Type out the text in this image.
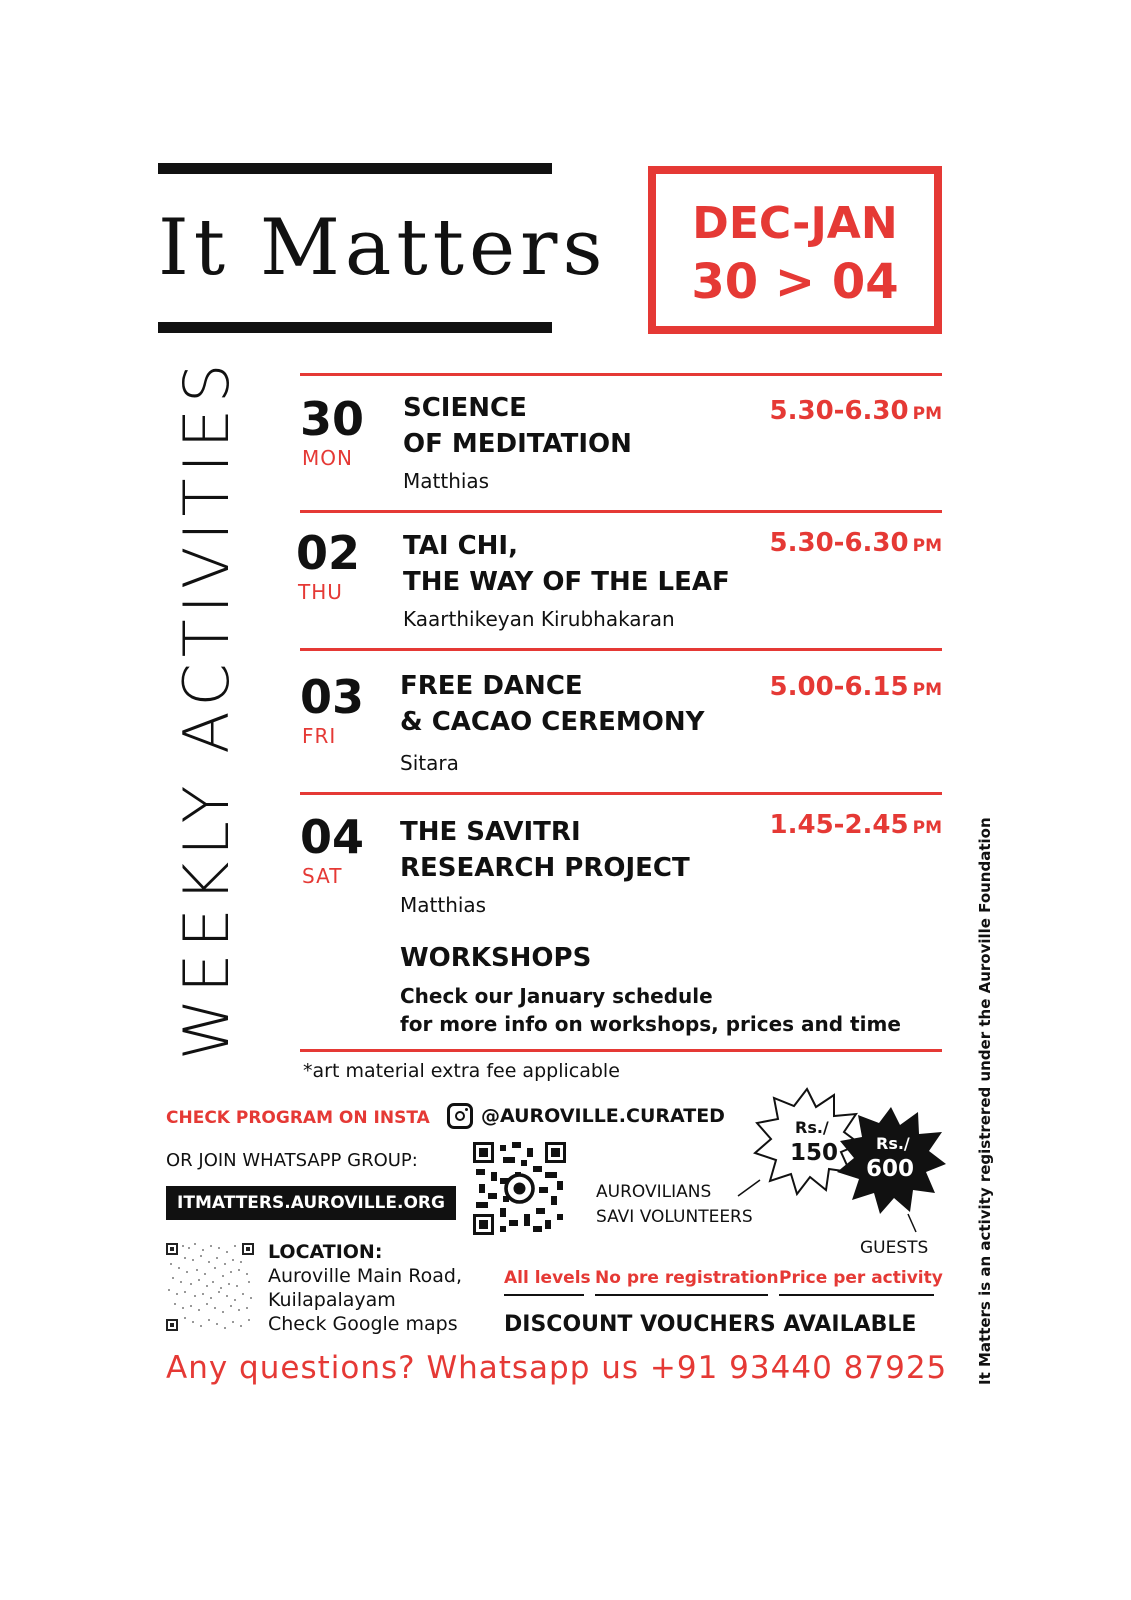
It Matters	DEC-JAN
30 > 04
WEEKLY ACTIVITIES 30
MON
SCIENCE
OF MEDITATION
Matthias
5.30-6.30 PM
02
THU
TAI CHI,
THE WAY OF THE LEAF
Kaarthikeyan Kirubhakaran
5.30-6.30 PM
03
FRI
FREE DANCE
& CACAO CEREMONY
Sitara
5.00-6.15 PM
04
SAT
THE SAVITRI
RESEARCH PROJECT
Matthias
1.45-2.45 PM
WORKSHOPS
Check our January schedule
for more info on workshops, prices and time
*art material extra fee applicable
CHECK PROGRAM ON INSTA	@AUROVILLE.CURATED
OR JOIN WHATSAPP GROUP:
ITMATTERS.AUROVILLE.ORG
LOCATION:
Auroville Main Road,
Kuilapalayam
Check Google maps
Rs./
150 Rs./
600
AUROVILIANS
SAVI VOLUNTEERS
GUESTS
All levels No pre registration Price per activity
DISCOUNT VOUCHERS AVAILABLE
Any questions? Whatsapp us +91 93440 87925 It Matters is an activity registrered under the Auroville Foundation
